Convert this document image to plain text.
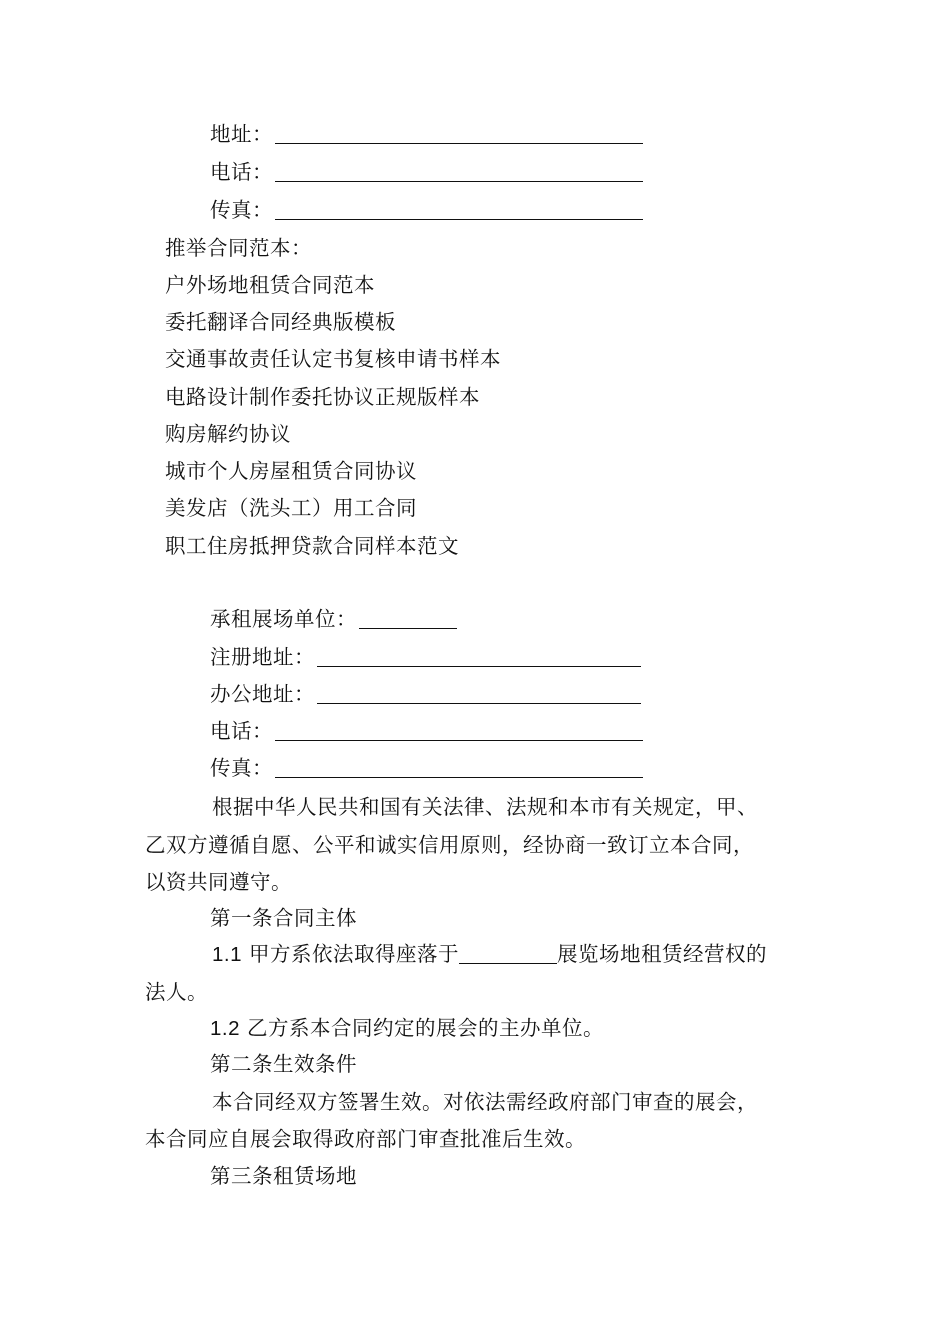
地址：
电话：
传真：
推举合同范本：
户外场地租赁合同范本
委托翻译合同经典版模板
交通事故责任认定书复核申请书样本
电路设计制作委托协议正规版样本
购房解约协议
城市个人房屋租赁合同协议
美发店（洗头工）用工合同
职工住房抵押贷款合同样本范文
承租展场单位：
注册地址：
办公地址：
电话：
传真：
根据中华人民共和国有关法律、法规和本市有关规定，甲、
乙双方遵循自愿、公平和诚实信用原则，经协商一致订立本合同，
以资共同遵守。
第一条合同主体
1.1 甲方系依法取得座落于	展览场地租赁经营权的
法人。
1.2 乙方系本合同约定的展会的主办单位。
第二条生效条件
本合同经双方签署生效。对依法需经政府部门审查的展会，
本合同应自展会取得政府部门审查批准后生效。
第三条租赁场地
